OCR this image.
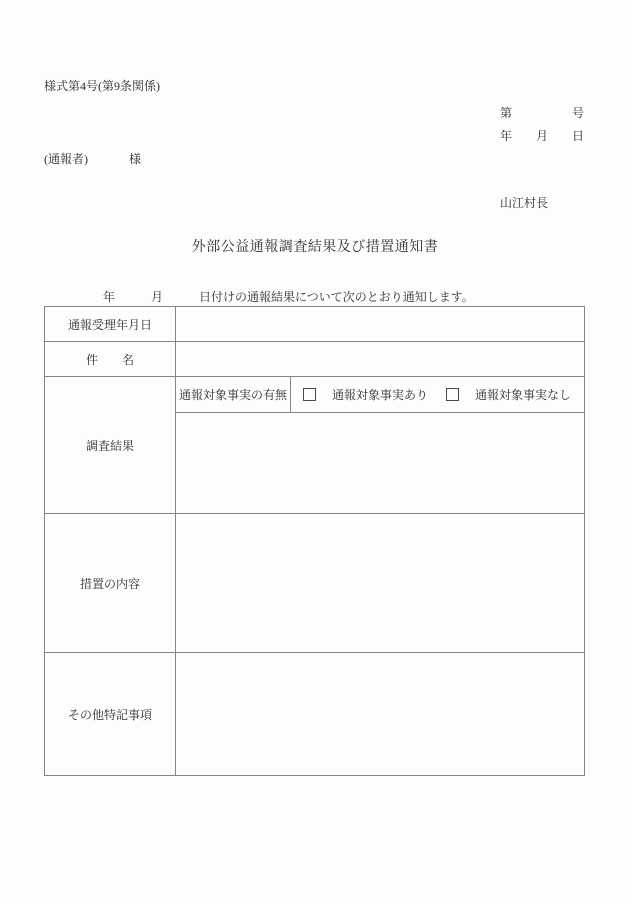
様式第4号(第9条関係)
第	号
年 月 日
(通報者)	様
山江村長
外部公益通報調査結果及び措置通知書
年　　　月　　　日付けの通報結果について次のとおり通知します。
通報受理年月日		
件　　名		
調査結果	通報対象事実の有無	通報対象事実あり 通報対象事実なし

措置の内容		
その他特記事項		
